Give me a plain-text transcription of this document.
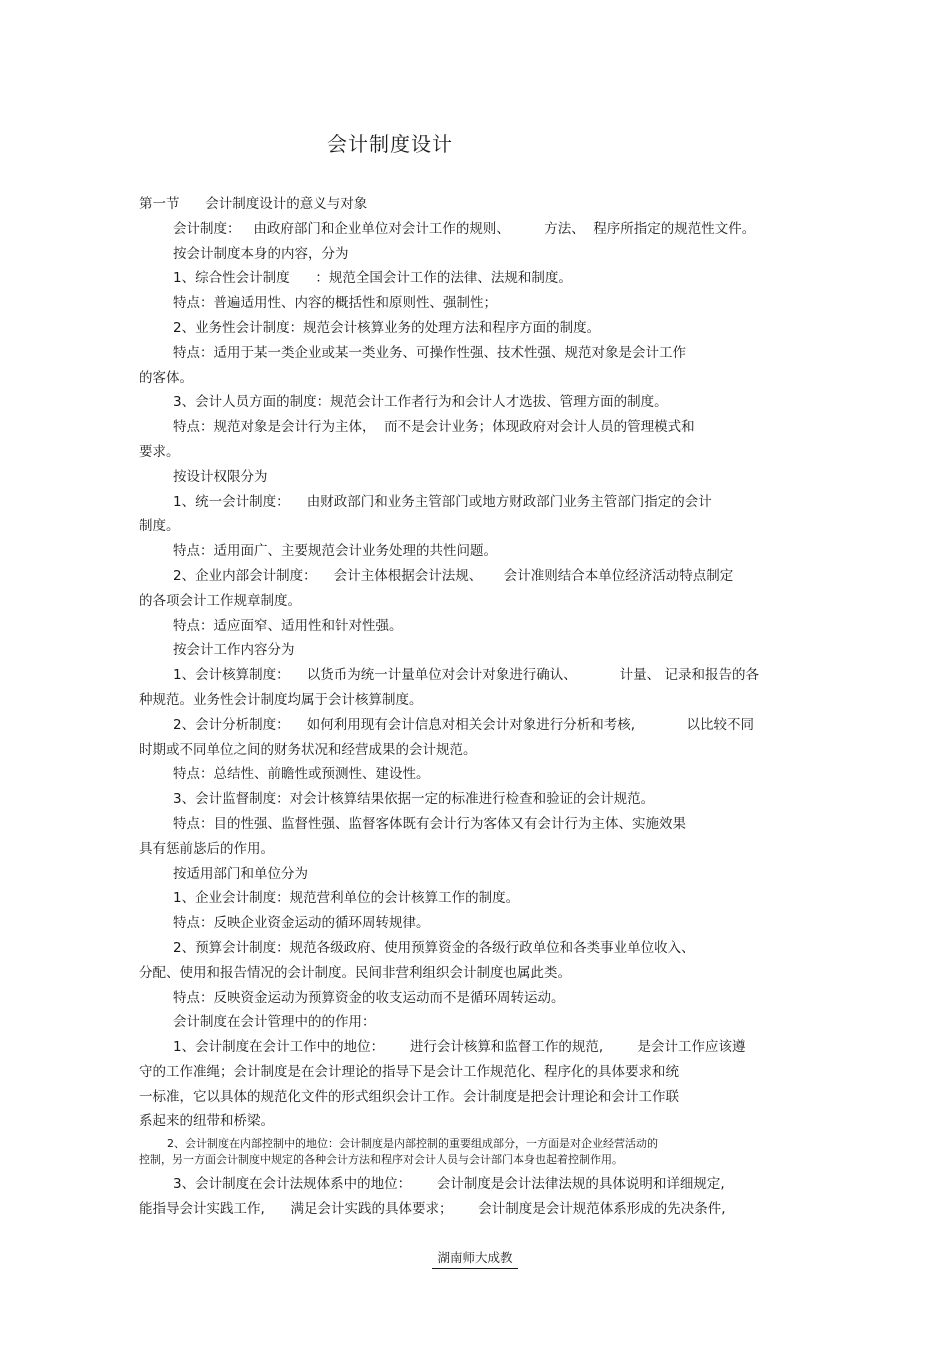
会计制度设计
第一节      会计制度设计的意义与对象
会计制度：   由政府部门和企业单位对会计工作的规则、        方法、  程序所指定的规范性文件。
按会计制度本身的内容，分为
1、综合性会计制度      ：规范全国会计工作的法律、法规和制度。
特点：普遍适用性、内容的概括性和原则性、强制性；
2、业务性会计制度：规范会计核算业务的处理方法和程序方面的制度。
特点：适用于某一类企业或某一类业务、可操作性强、技术性强、规范对象是会计工作
的客体。
3、会计人员方面的制度：规范会计工作者行为和会计人才选拔、管理方面的制度。
特点：规范对象是会计行为主体，  而不是会计业务；体现政府对会计人员的管理模式和
要求。
按设计权限分为
1、统一会计制度：    由财政部门和业务主管部门或地方财政部门业务主管部门指定的会计
制度。
特点：适用面广、主要规范会计业务处理的共性问题。
2、企业内部会计制度：    会计主体根据会计法规、     会计准则结合本单位经济活动特点制定
的各项会计工作规章制度。
特点：适应面窄、适用性和针对性强。
按会计工作内容分为
1、会计核算制度：    以货币为统一计量单位对会计对象进行确认、          计量、 记录和报告的各
种规范。业务性会计制度均属于会计核算制度。
2、会计分析制度：    如何利用现有会计信息对相关会计对象进行分析和考核,            以比较不同
时期或不同单位之间的财务状况和经营成果的会计规范。
特点：总结性、前瞻性或预测性、建设性。
3、会计监督制度：对会计核算结果依据一定的标准进行检查和验证的会计规范。
特点：目的性强、监督性强、监督客体既有会计行为客体又有会计行为主体、实施效果
具有惩前毖后的作用。
按适用部门和单位分为
1、企业会计制度：规范营利单位的会计核算工作的制度。
特点：反映企业资金运动的循环周转规律。
2、预算会计制度：规范各级政府、使用预算资金的各级行政单位和各类事业单位收入、
分配、使用和报告情况的会计制度。民间非营利组织会计制度也属此类。
特点：反映资金运动为预算资金的收支运动而不是循环周转运动。
会计制度在会计管理中的的作用：
1、会计制度在会计工作中的地位：      进行会计核算和监督工作的规范,        是会计工作应该遵
守的工作准绳；会计制度是在会计理论的指导下是会计工作规范化、程序化的具体要求和统
一标准，它以具体的规范化文件的形式组织会计工作。会计制度是把会计理论和会计工作联
系起来的纽带和桥梁。
2、会计制度在内部控制中的地位：会计制度是内部控制的重要组成部分，一方面是对企业经营活动的
控制，另一方面会计制度中规定的各种会计方法和程序对会计人员与会计部门本身也起着控制作用。
3、会计制度在会计法规体系中的地位：      会计制度是会计法律法规的具体说明和详细规定,
能指导会计实践工作,      满足会计实践的具体要求；      会计制度是会计规范体系形成的先决条件,
湖南师大成教
